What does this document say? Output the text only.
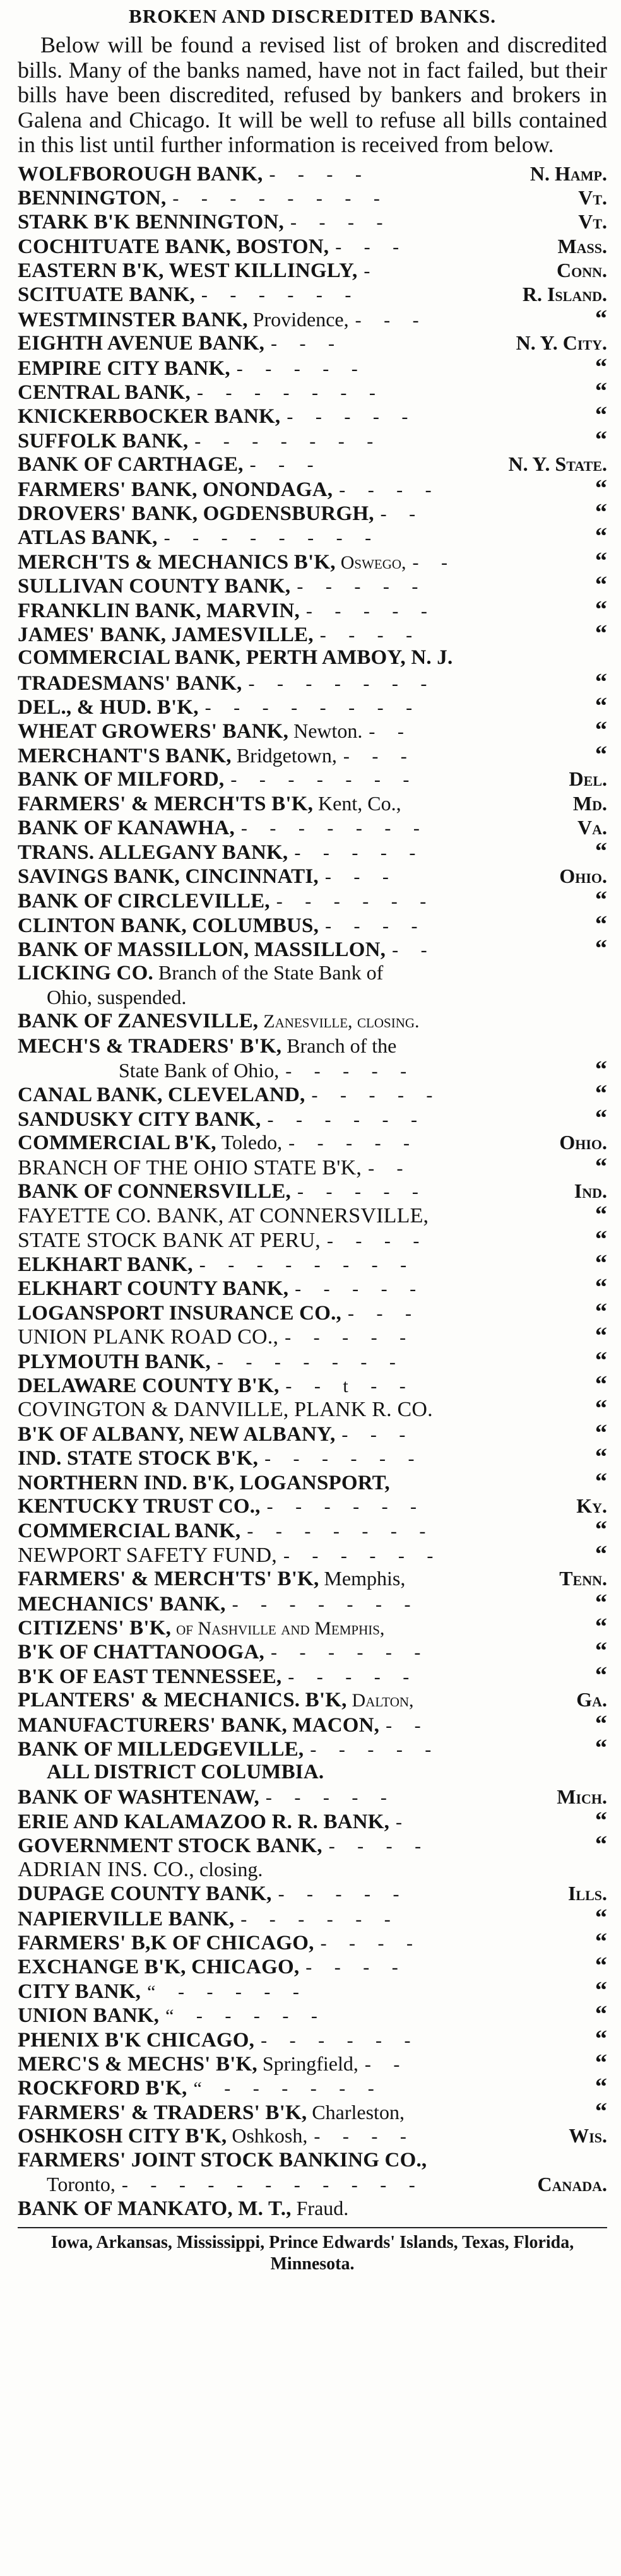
BROKEN AND DISCREDITED BANKS.

Below will be found a revised list of broken and discredited bills. Many of the banks named, have not in fact failed, but their bills have been discredited, refused by bankers and brokers in Galena and Chicago. It will be well to refuse all bills contained in this list until further information is received from below.

WOLFBOROUGH BANK, - - - -	N. Hamp.
BENNINGTON, - - - - - - - -	Vt.
STARK B'K BENNINGTON, - - - -	Vt.
COCHITUATE BANK, BOSTON, - - -	Mass.
EASTERN B'K, WEST KILLINGLY, -	Conn.
SCITUATE BANK, - - - - - -	R. Island.
WESTMINSTER BANK, Providence, - - -	“
EIGHTH AVENUE BANK, - - -	N. Y. City.
EMPIRE CITY BANK, - - - - -	“
CENTRAL BANK, - - - - - - -	“
KNICKERBOCKER BANK, - - - - -	“
SUFFOLK BANK, - - - - - - -	“
BANK OF CARTHAGE, - - -	N. Y. State.
FARMERS' BANK, ONONDAGA, - - - -	“
DROVERS' BANK, OGDENSBURGH, - -	“
ATLAS BANK, - - - - - - - -	“
MERCH'TS & MECHANICS B'K, Oswego, - -	“
SULLIVAN COUNTY BANK, - - - - -	“
FRANKLIN BANK, MARVIN, - - - - -	“
JAMES' BANK, JAMESVILLE, - - - -	“
COMMERCIAL BANK, PERTH AMBOY, N. J.
TRADESMANS' BANK, - - - - - - -	“
DEL., & HUD. B'K, - - - - - - - -	“
WHEAT GROWERS' BANK, Newton. - -	“
MERCHANT'S BANK, Bridgetown, - - -	“
BANK OF MILFORD, - - - - - - -	Del.
FARMERS' & MERCH'TS B'K, Kent, Co.,	Md.
BANK OF KANAWHA, - - - - - - -	Va.
TRANS. ALLEGANY BANK, - - - - -	“
SAVINGS BANK, CINCINNATI, - - -	Ohio.
BANK OF CIRCLEVILLE, - - - - - -	“
CLINTON BANK, COLUMBUS, - - - -	“
BANK OF MASSILLON, MASSILLON, - -	“
LICKING CO. Branch of the State Bank of
Ohio, suspended.
BANK OF ZANESVILLE, Zanesville, closing.
MECH'S & TRADERS' B'K, Branch of the
State Bank of Ohio, - - - - -	“
CANAL BANK, CLEVELAND, - - - - -	“
SANDUSKY CITY BANK, - - - - - -	“
COMMERCIAL B'K, Toledo, - - - - -	Ohio.
BRANCH OF THE OHIO STATE B'K, - -	“
BANK OF CONNERSVILLE, - - - - -	Ind.
FAYETTE CO. BANK, AT CONNERSVILLE,	“
STATE STOCK BANK AT PERU, - - - -	“
ELKHART BANK, - - - - - - - -	“
ELKHART COUNTY BANK, - - - - -	“
LOGANSPORT INSURANCE CO., - - -	“
UNION PLANK ROAD CO., - - - - -	“
PLYMOUTH BANK, - - - - - - -	“
DELAWARE COUNTY B'K, - - t - -	“
COVINGTON & DANVILLE, PLANK R. CO.	“
B'K OF ALBANY, NEW ALBANY, - - -	“
IND. STATE STOCK B'K, - - - - - -	“
NORTHERN IND. B'K, LOGANSPORT,	“
KENTUCKY TRUST CO., - - - - - -	Ky.
COMMERCIAL BANK, - - - - - - -	“
NEWPORT SAFETY FUND, - - - - - -	“
FARMERS' & MERCH'TS' B'K, Memphis,	Tenn.
MECHANICS' BANK, - - - - - - -	“
CITIZENS' B'K, of Nashville and Memphis,	“
B'K OF CHATTANOOGA, - - - - - -	“
B'K OF EAST TENNESSEE, - - - - -	“
PLANTERS' & MECHANICS. B'K, Dalton,	Ga.
MANUFACTURERS' BANK, MACON, - -	“
BANK OF MILLEDGEVILLE, - - - - -	“
ALL DISTRICT COLUMBIA.
BANK OF WASHTENAW, - - - - -	Mich.
ERIE AND KALAMAZOO R. R. BANK, -	“
GOVERNMENT STOCK BANK, - - - -	“
ADRIAN INS. CO., closing.
DUPAGE COUNTY BANK, - - - - -	Ills.
NAPIERVILLE BANK, - - - - - -	“
FARMERS' B,K OF CHICAGO, - - - -	“
EXCHANGE B'K, CHICAGO, - - - -	“
CITY BANK, “ - - - - -	“
UNION BANK, “ - - - - -	“
PHENIX B'K CHICAGO, - - - - - -	“
MERC'S & MECHS' B'K, Springfield, - -	“
ROCKFORD B'K, “ - - - - - -	“
FARMERS' & TRADERS' B'K, Charleston,	“
OSHKOSH CITY B'K, Oshkosh, - - - -	Wis.
FARMERS' JOINT STOCK BANKING CO.,
Toronto, - - - - - - - - - - -	Canada.
BANK OF MANKATO, M. T., Fraud.

Iowa, Arkansas, Mississippi, Prince Edwards' Islands, Texas, Florida, Minnesota.
